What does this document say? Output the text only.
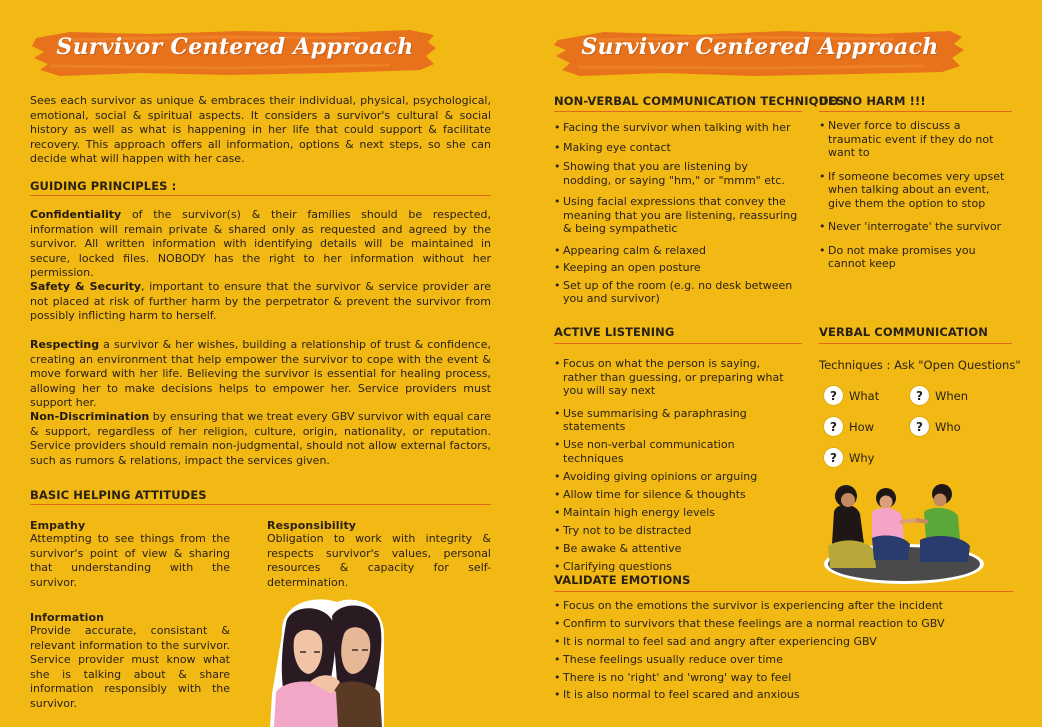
Survivor Centered Approach
Sees each survivor as unique & embraces their individual, physical, psychological, emotional, social & spiritual aspects. It considers a survivor's cultural & social history as well as what is happening in her life that could support & facilitate recovery. This approach offers all information, options & next steps, so she can decide what will happen with her case.
GUIDING PRINCIPLES :
Confidentiality of the survivor(s) & their families should be respected, information will remain private & shared only as requested and agreed by the survivor. All written information with identifying details will be maintained in secure, locked files. NOBODY has the right to her information without her permission.
Safety & Security, important to ensure that the survivor & service provider are not placed at risk of further harm by the perpetrator & prevent the survivor from possibly inflicting harm to herself.
Respecting a survivor & her wishes, building a relationship of trust & confidence, creating an environment that help empower the survivor to cope with the event & move forward with her life. Believing the survivor is essential for healing process, allowing her to make decisions helps to empower her. Service providers must support her.
Non-Discrimination by ensuring that we treat every GBV survivor with equal care & support, regardless of her religion, culture, origin, nationality, or reputation. Service providers should remain non-judgmental, should not allow external factors, such as rumors & relations, impact the services given.
BASIC HELPING ATTITUDES
Empathy
Attempting to see things from the survivor's point of view & sharing that understanding with the survivor.
Responsibility
Obligation to work with integrity & respects survivor's values, personal resources & capacity for self-determination.
Information
Provide accurate, consistant & relevant information to the survivor. Service provider must know what she is talking about & share information responsibly with the survivor.
Survivor Centered Approach
NON-VERBAL COMMUNICATION TECHNIQUES
• Facing the survivor when talking with her
• Making eye contact
• Showing that you are listening by nodding, or saying "hm," or "mmm" etc.
• Using facial expressions that convey the meaning that you are listening, reassuring & being sympathetic
• Appearing calm & relaxed
• Keeping an open posture
• Set up of the room (e.g. no desk between you and survivor)
DO NO HARM !!!
• Never force to discuss a traumatic event if they do not want to
• If someone becomes very upset when talking about an event, give them the option to stop
• Never 'interrogate' the survivor
• Do not make promises you cannot keep
ACTIVE LISTENING
• Focus on what the person is saying, rather than guessing, or preparing what you will say next
• Use summarising & paraphrasing statements
• Use non-verbal communication techniques
• Avoiding giving opinions or arguing
• Allow time for silence & thoughts
• Maintain high energy levels
• Try not to be distracted
• Be awake & attentive
• Clarifying questions
VERBAL COMMUNICATION
Techniques : Ask "Open Questions"
?	What	?	When
?	How	?	Who
?	Why
VALIDATE EMOTIONS
• Focus on the emotions the survivor is experiencing after the incident
• Confirm to survivors that these feelings are a normal reaction to GBV
• It is normal to feel sad and angry after experiencing GBV
• These feelings usually reduce over time
• There is no 'right' and 'wrong' way to feel
• It is also normal to feel scared and anxious
